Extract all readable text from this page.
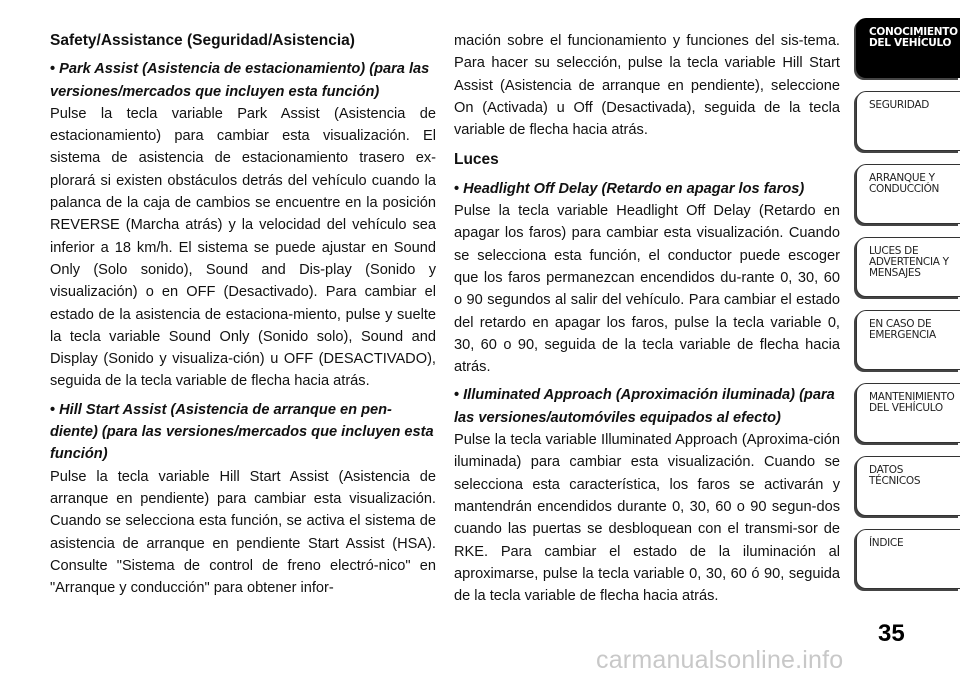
Safety/Assistance (Seguridad/Asistencia)

• Park Assist (Asistencia de estacionamiento) (para las versiones/mercados que incluyen esta función)

Pulse la tecla variable Park Assist (Asistencia de estacionamiento) para cambiar esta visualización. El sistema de asistencia de estacionamiento trasero ex-plorará si existen obstáculos detrás del vehículo cuando la palanca de la caja de cambios se encuentre en la posición REVERSE (Marcha atrás) y la velocidad del vehículo sea inferior a 18 km/h. El sistema se puede ajustar en Sound Only (Solo sonido), Sound and Dis-play (Sonido y visualización) o en OFF (Desactivado). Para cambiar el estado de la asistencia de estaciona-miento, pulse y suelte la tecla variable Sound Only (Sonido solo), Sound and Display (Sonido y visualiza-ción) u OFF (DESACTIVADO), seguida de la tecla variable de flecha hacia atrás.

• Hill Start Assist (Asistencia de arranque en pen-diente) (para las versiones/mercados que incluyen esta función)

Pulse la tecla variable Hill Start Assist (Asistencia de arranque en pendiente) para cambiar esta visualización. Cuando se selecciona esta función, se activa el sistema de asistencia de arranque en pendiente Start Assist (HSA). Consulte "Sistema de control de freno electró-nico" en "Arranque y conducción" para obtener infor-

mación sobre el funcionamiento y funciones del sis-tema. Para hacer su selección, pulse la tecla variable Hill Start Assist (Asistencia de arranque en pendiente), seleccione On (Activada) u Off (Desactivada), seguida de la tecla variable de flecha hacia atrás.

Luces

• Headlight Off Delay (Retardo en apagar los faros)

Pulse la tecla variable Headlight Off Delay (Retardo en apagar los faros) para cambiar esta visualización. Cuando se selecciona esta función, el conductor puede escoger que los faros permanezcan encendidos du-rante 0, 30, 60 o 90 segundos al salir del vehículo. Para cambiar el estado del retardo en apagar los faros, pulse la tecla variable 0, 30, 60 o 90, seguida de la tecla variable de flecha hacia atrás.

• Illuminated Approach (Aproximación iluminada) (para las versiones/automóviles equipados al efecto)

Pulse la tecla variable Illuminated Approach (Aproxima-ción iluminada) para cambiar esta visualización. Cuando se selecciona esta característica, los faros se activarán y mantendrán encendidos durante 0, 30, 60 o 90 segun-dos cuando las puertas se desbloquean con el transmi-sor de RKE. Para cambiar el estado de la iluminación al aproximarse, pulse la tecla variable 0, 30, 60 ó 90, seguida de la tecla variable de flecha hacia atrás.

CONOCIMIENTO
DEL VEHÍCULO
SEGURIDAD
ARRANQUE Y
CONDUCCIÓN
LUCES DE
ADVERTENCIA Y
MENSAJES
EN CASO DE
EMERGENCIA
MANTENIMIENTO
DEL VEHÍCULO
DATOS
TÉCNICOS
ÍNDICE
35
carmanualsonline.info
